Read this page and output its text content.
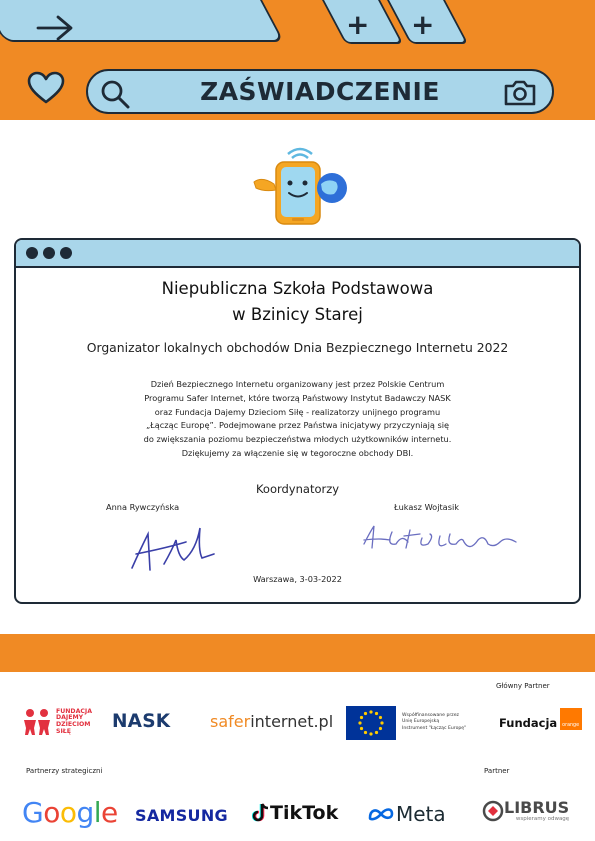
+ +
ZAŚWIADCZENIE
Niepubliczna Szkoła Podstawowa
w Bzinicy Starej
Organizator lokalnych obchodów Dnia Bezpiecznego Internetu 2022
Dzień Bezpiecznego Internetu organizowany jest przez Polskie Centrum
Programu Safer Internet, które tworzą Państwowy Instytut Badawczy NASK
oraz Fundacja Dajemy Dzieciom Siłę - realizatorzy unijnego programu
„Łącząc Europę”. Podejmowane przez Państwa inicjatywy przyczyniają się
do zwiększania poziomu bezpieczeństwa młodych użytkowników internetu.
Dziękujemy za włączenie się w tegoroczne obchody DBI.
Koordynatorzy
Anna Rywczyńska	Łukasz Wojtasik
Warszawa, 3-03-2022
Główny Partner
FUNDACJA
DAJEMY
DZIECIOM
SIŁĘ	NASK saferinternet.pl	Współfinansowane przez
Unię Europejską
Instrument "Łącząc Europę"	Fundacja	orange
Partnerzy strategiczni	Partner
Google SAMSUNG TikTok	Meta	LIBRUS
wspieramy odwagę
